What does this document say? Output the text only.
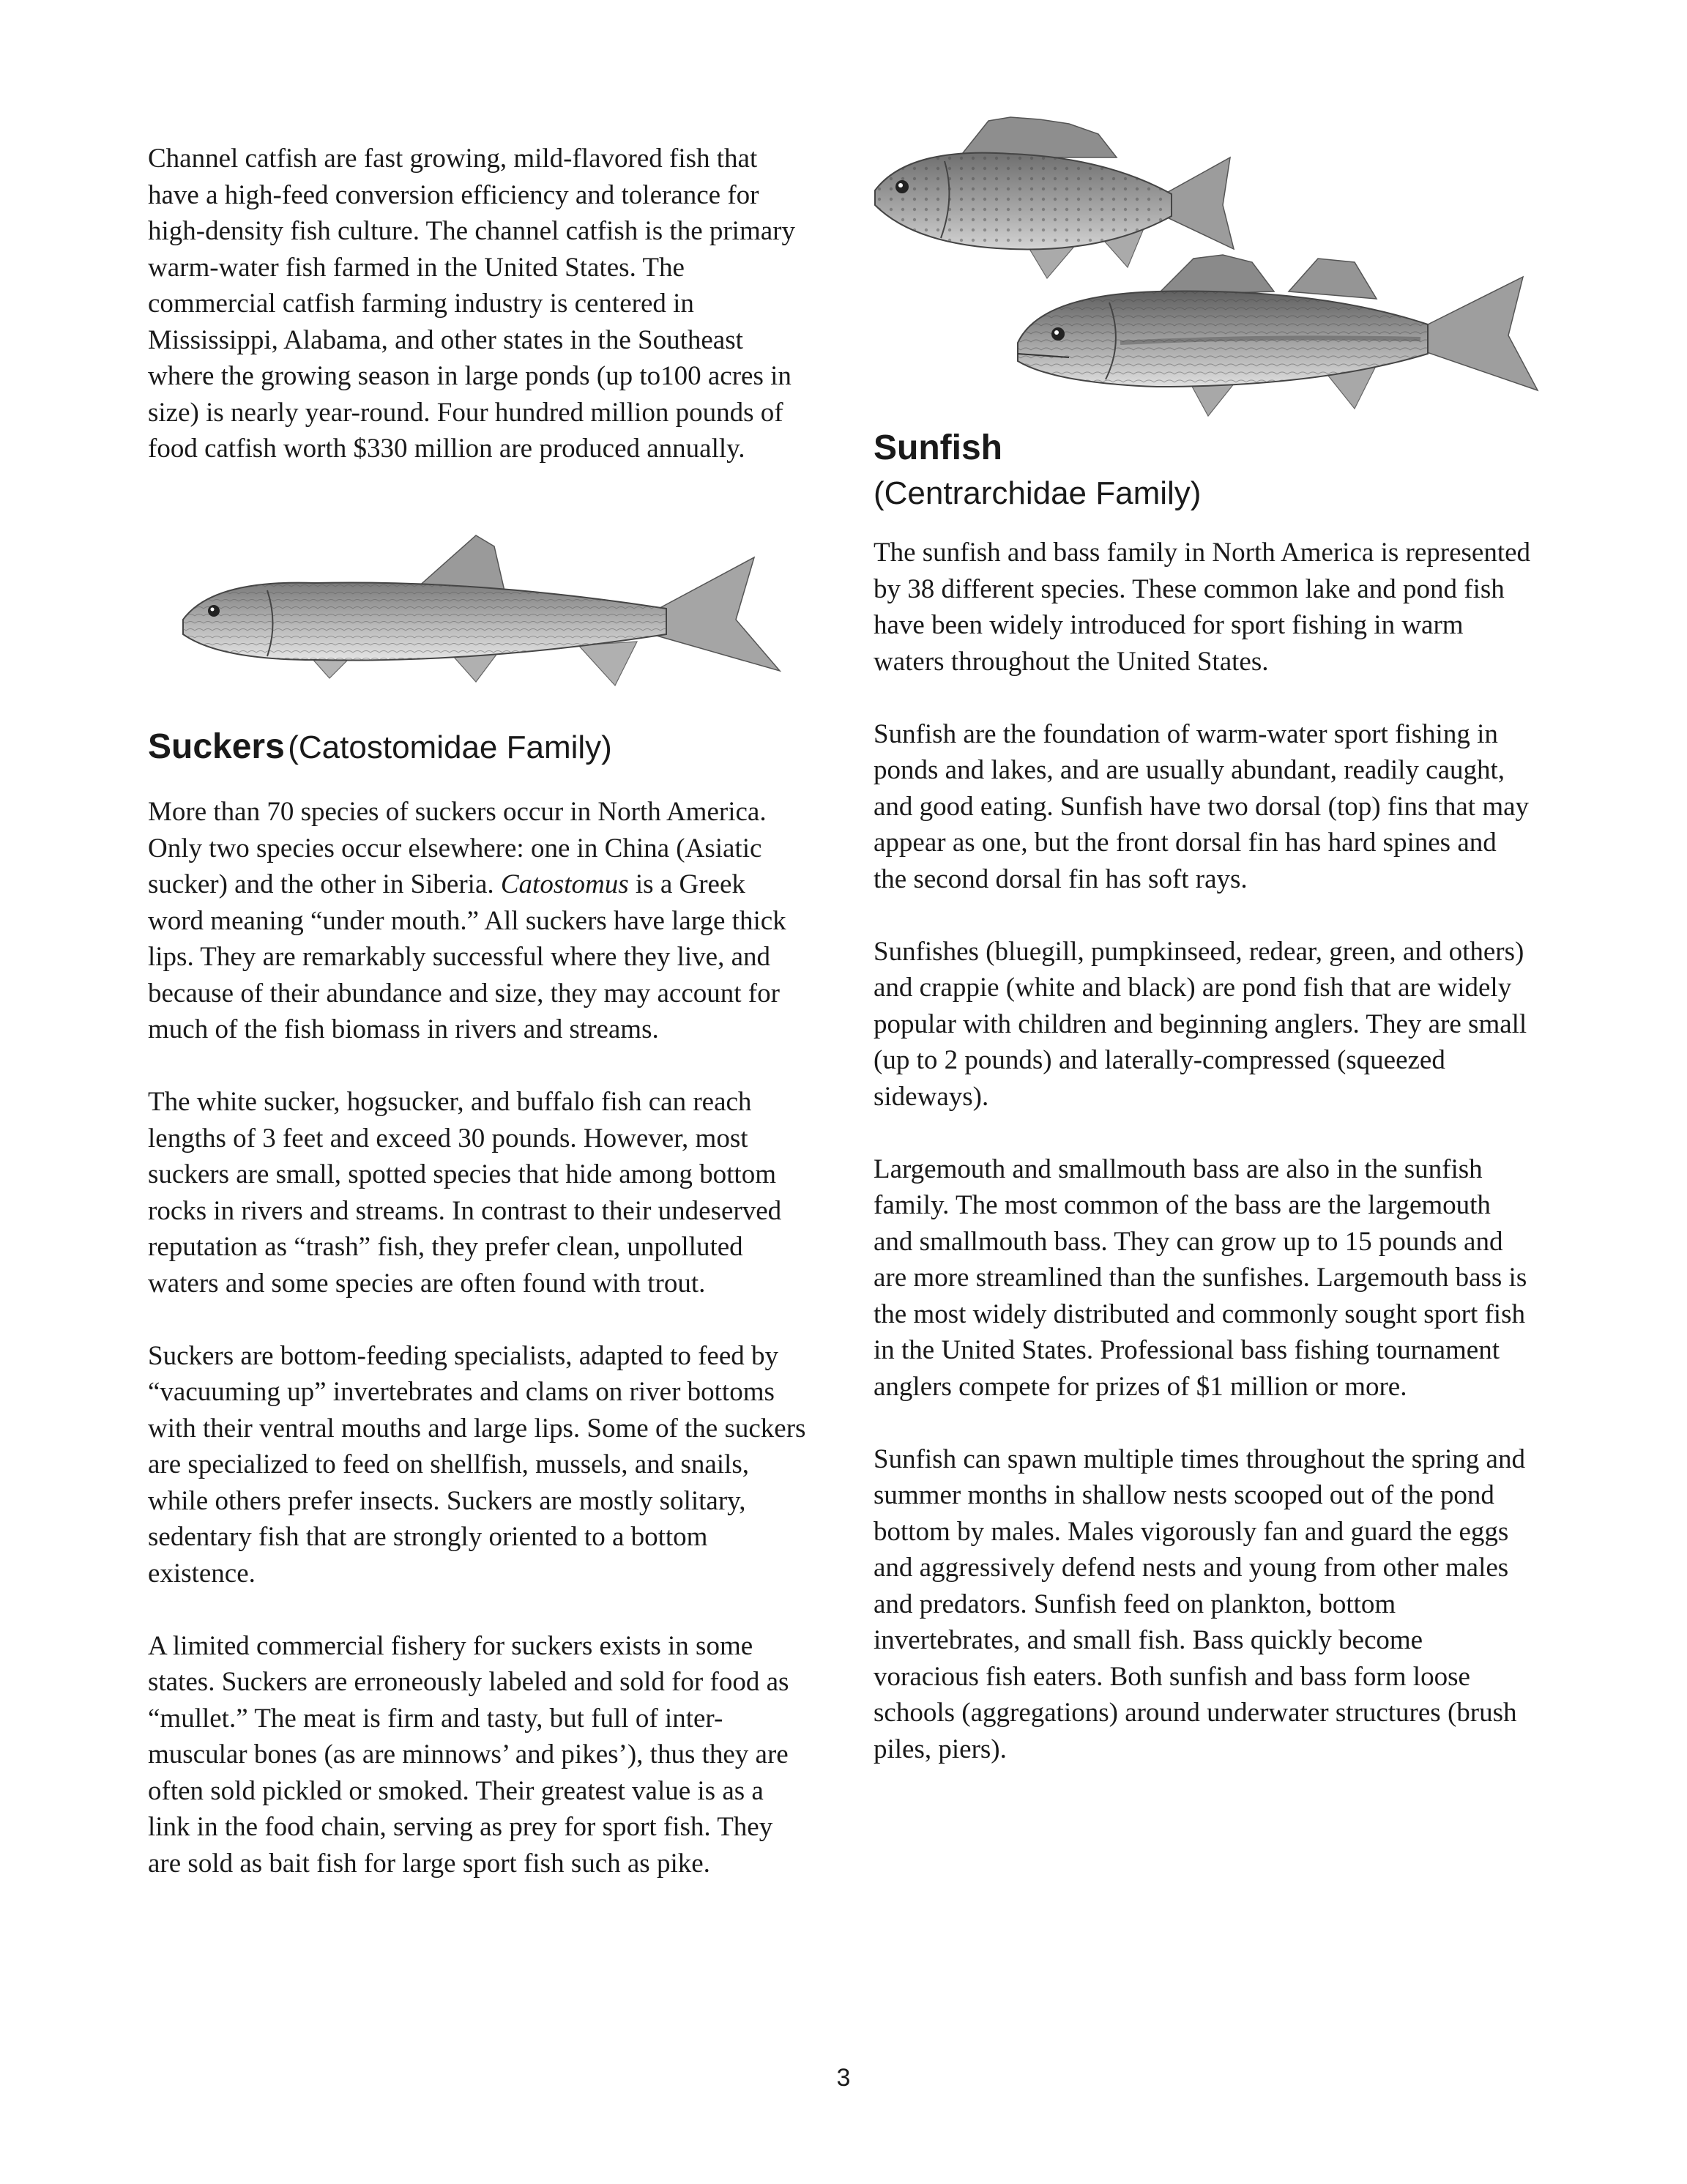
Channel catfish are fast growing, mild-flavored fish that have a high-feed conversion efficiency and tolerance for high-density fish culture. The channel catfish is the primary warm-water fish farmed in the United States. The commercial catfish farming industry is centered in Mississippi, Alabama, and other states in the Southeast where the growing season in large ponds (up to100 acres in size) is nearly year-round. Four hundred million pounds of food catfish worth $330 million are produced annually.

Suckers (Catostomidae Family)

More than 70 species of suckers occur in North America. Only two species occur elsewhere: one in China (Asiatic sucker) and the other in Siberia. Catostomus is a Greek word meaning “under mouth.” All suckers have large thick lips. They are remarkably successful where they live, and because of their abundance and size, they may account for much of the fish biomass in rivers and streams.

The white sucker, hogsucker, and buffalo fish can reach lengths of 3 feet and exceed 30 pounds. However, most suckers are small, spotted species that hide among bottom rocks in rivers and streams. In contrast to their undeserved reputation as “trash” fish, they prefer clean, unpolluted waters and some species are often found with trout.

Suckers are bottom-feeding specialists, adapted to feed by “vacuuming up” invertebrates and clams on river bottoms with their ventral mouths and large lips. Some of the suckers are specialized to feed on shellfish, mussels, and snails, while others prefer insects. Suckers are mostly solitary, sedentary fish that are strongly oriented to a bottom existence.

A limited commercial fishery for suckers exists in some states. Suckers are erroneously labeled and sold for food as “mullet.” The meat is firm and tasty, but full of inter-muscular bones (as are minnows’ and pikes’), thus they are often sold pickled or smoked. Their greatest value is as a link in the food chain, serving as prey for sport fish. They are sold as bait fish for large sport fish such as pike.

Sunfish
(Centrarchidae Family)

The sunfish and bass family in North America is represented by 38 different species. These common lake and pond fish have been widely introduced for sport fishing in warm waters throughout the United States.

Sunfish are the foundation of warm-water sport fishing in ponds and lakes, and are usually abundant, readily caught, and good eating. Sunfish have two dorsal (top) fins that may appear as one, but the front dorsal fin has hard spines and the second dorsal fin has soft rays.

Sunfishes (bluegill, pumpkinseed, redear, green, and others) and crappie (white and black) are pond fish that are widely popular with children and beginning anglers. They are small (up to 2 pounds) and laterally-compressed (squeezed sideways).

Largemouth and smallmouth bass are also in the sunfish family. The most common of the bass are the largemouth and smallmouth bass. They can grow up to 15 pounds and are more streamlined than the sunfishes. Largemouth bass is the most widely distributed and commonly sought sport fish in the United States. Professional bass fishing tournament anglers compete for prizes of $1 million or more.

Sunfish can spawn multiple times throughout the spring and summer months in shallow nests scooped out of the pond bottom by males. Males vigorously fan and guard the eggs and aggressively defend nests and young from other males and predators. Sunfish feed on plankton, bottom invertebrates, and small fish. Bass quickly become voracious fish eaters. Both sunfish and bass form loose schools (aggregations) around underwater structures (brush piles, piers).

3
